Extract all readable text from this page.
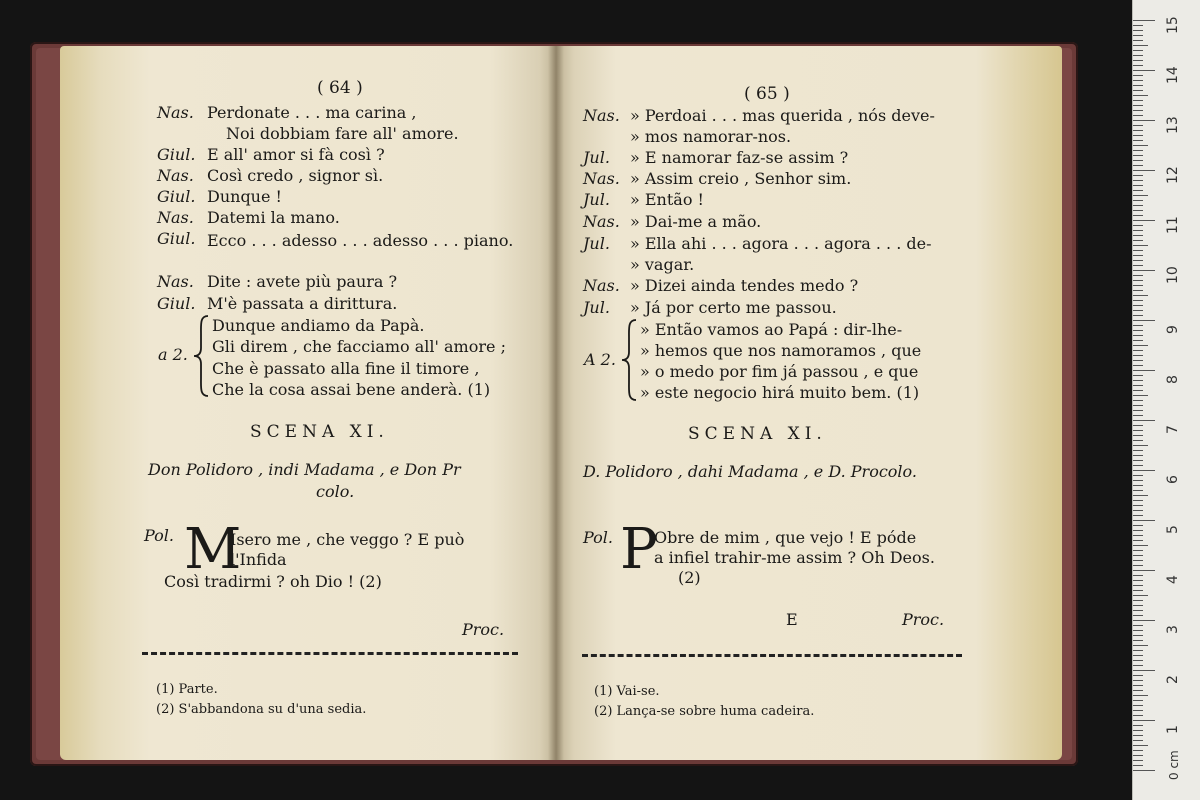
( 64 )
Nas. Perdonate . . . ma carina ,
Noi dobbiam fare all' amore.
Giul. E all' amor si fà così ?
Nas. Così credo , signor sì.
Giul. Dunque !
Nas. Datemi la mano.
Giul. Ecco . . . adesso . . . adesso . . . piano.
Nas. Dite : avete più paura ?
Giul. M'è passata a dirittura.
a 2.
Dunque andiamo da Papà.
Gli direm , che facciamo all' amore ;
Che è passato alla fine il timore ,
Che la cosa assai bene anderà. (1)
SCENA XI.
Don Polidoro , indi Madama , e Don Pr
colo.
Pol. M
Isero me , che veggo ? E può
l'Infida
Così tradirmi ? oh Dio ! (2)
Proc.
(1) Parte.
(2) S'abbandona su d'una sedia.
( 65 )
Nas. » Perdoai . . . mas querida , nós deve-
» mos namorar-nos.
Jul. » E namorar faz-se assim ?
Nas. » Assim creio , Senhor sim.
Jul. » Então !
Nas. » Dai-me a mão.
Jul. » Ella ahi . . . agora . . . agora . . . de-
» vagar.
Nas. » Dizei ainda tendes medo ?
Jul. » Já por certo me passou.
A 2.
» Então vamos ao Papá : dir-lhe-
» hemos que nos namoramos , que
» o medo por fim já passou , e que
» este negocio hirá muito bem. (1)
SCENA XI.
D. Polidoro , dahi Madama , e D. Procolo.
Pol. P
Obre de mim , que vejo ! E póde
a infiel trahir-me assim ? Oh Deos.
(2)
E	Proc.
(1) Vai-se.
(2) Lança-se sobre huma cadeira.
1
2
3
4
5
6
7
8
9
10
11
12
13
14
15
0 cm
